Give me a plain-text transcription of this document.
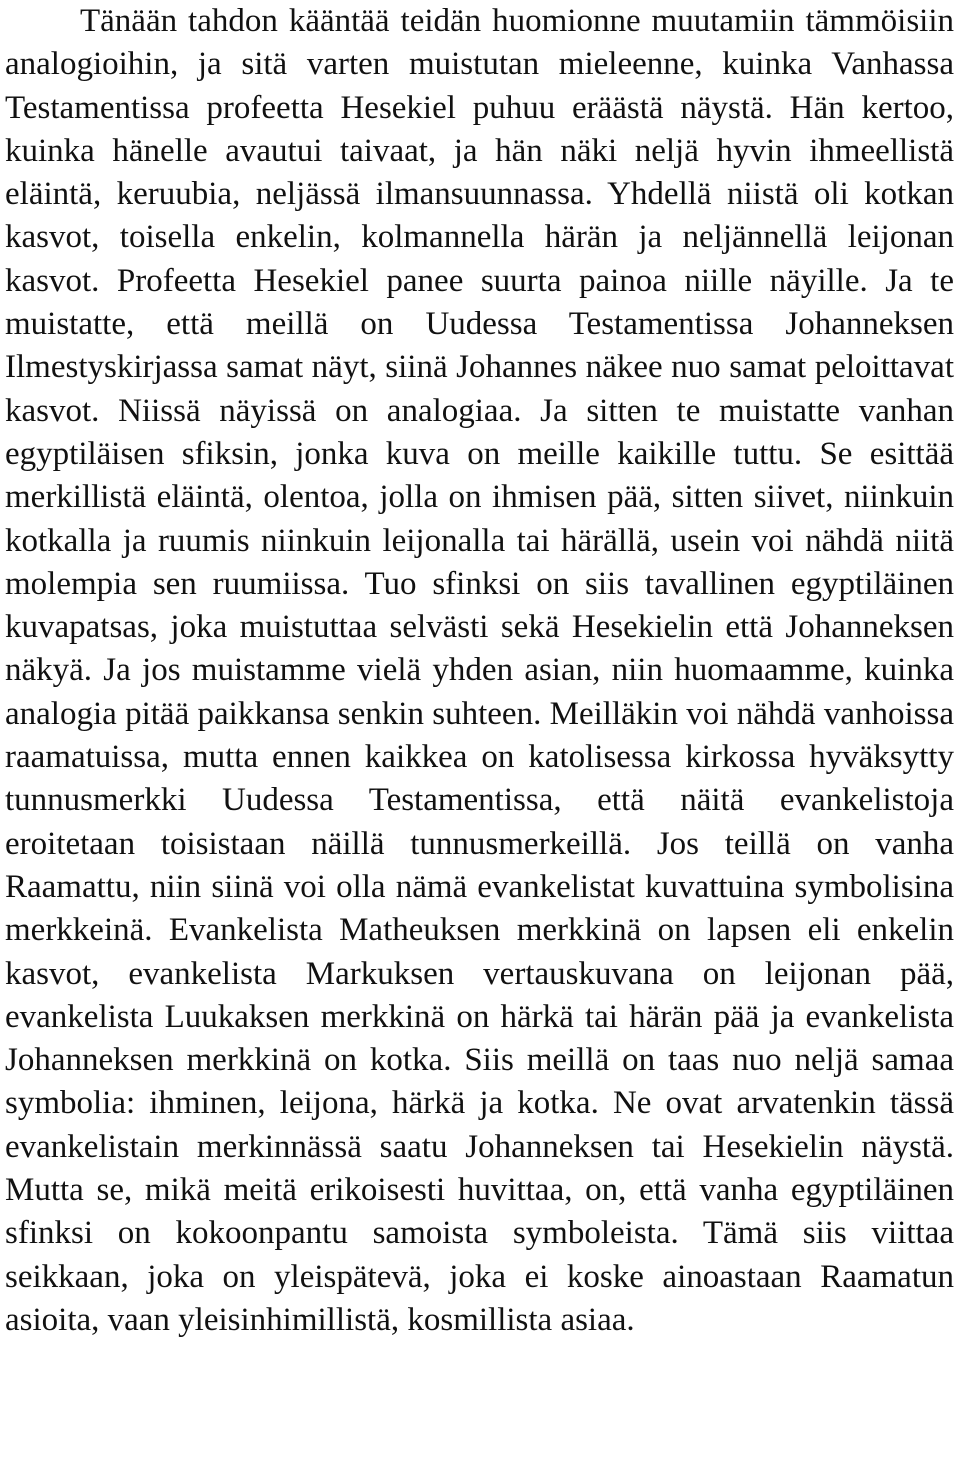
Tänään tahdon kääntää teidän huomionne muutamiin tämmöisiin analogioihin, ja sitä varten muistutan mieleenne, kuinka Vanhassa Testamentissa profeetta Hesekiel puhuu eräästä näystä. Hän kertoo, kuinka hänelle avautui taivaat, ja hän näki neljä hyvin ihmeellistä eläintä, keruubia, neljässä ilmansuunnassa. Yhdellä niistä oli kotkan kasvot, toisella enkelin, kolmannella härän ja neljännellä leijonan kasvot. Profeetta Hesekiel panee suurta painoa niille näyille. Ja te muistatte, että meillä on Uudessa Testamentissa Johanneksen Ilmestyskirjassa samat näyt, siinä Johannes näkee nuo samat peloittavat kasvot. Niissä näyissä on analogiaa. Ja sitten te muistatte vanhan egyptiläisen sfiksin, jonka kuva on meille kaikille tuttu. Se esittää merkillistä eläintä, olentoa, jolla on ihmisen pää, sitten siivet, niinkuin kotkalla ja ruumis niinkuin leijonalla tai härällä, usein voi nähdä niitä molempia sen ruumiissa. Tuo sfinksi on siis tavallinen egyptiläinen kuvapatsas, joka muistuttaa selvästi sekä Hesekielin että Johanneksen näkyä. Ja jos muistamme vielä yhden asian, niin huomaamme, kuinka analogia pitää paikkansa senkin suhteen. Meilläkin voi nähdä vanhoissa raamatuissa, mutta ennen kaikkea on katolisessa kirkossa hyväksytty tunnusmerkki Uudessa Testamentissa, että näitä evankelistoja eroitetaan toisistaan näillä tunnusmerkeillä. Jos teillä on vanha Raamattu, niin siinä voi olla nämä evankelistat kuvattuina symbolisina merkkeinä. Evankelista Matheuksen merkkinä on lapsen eli enkelin kasvot, evankelista Markuksen vertauskuvana on leijonan pää, evankelista Luukaksen merkkinä on härkä tai härän pää ja evankelista Johanneksen merkkinä on kotka. Siis meillä on taas nuo neljä samaa symbolia: ihminen, leijona, härkä ja kotka. Ne ovat arvatenkin tässä evankelistain merkinnässä saatu Johanneksen tai Hesekielin näystä. Mutta se, mikä meitä erikoisesti huvittaa, on, että vanha egyptiläinen sfinksi on kokoonpantu samoista symboleista. Tämä siis viittaa seikkaan, joka on yleispätevä, joka ei koske ainoastaan Raamatun asioita, vaan yleisinhimillistä, kosmillista asiaa.
